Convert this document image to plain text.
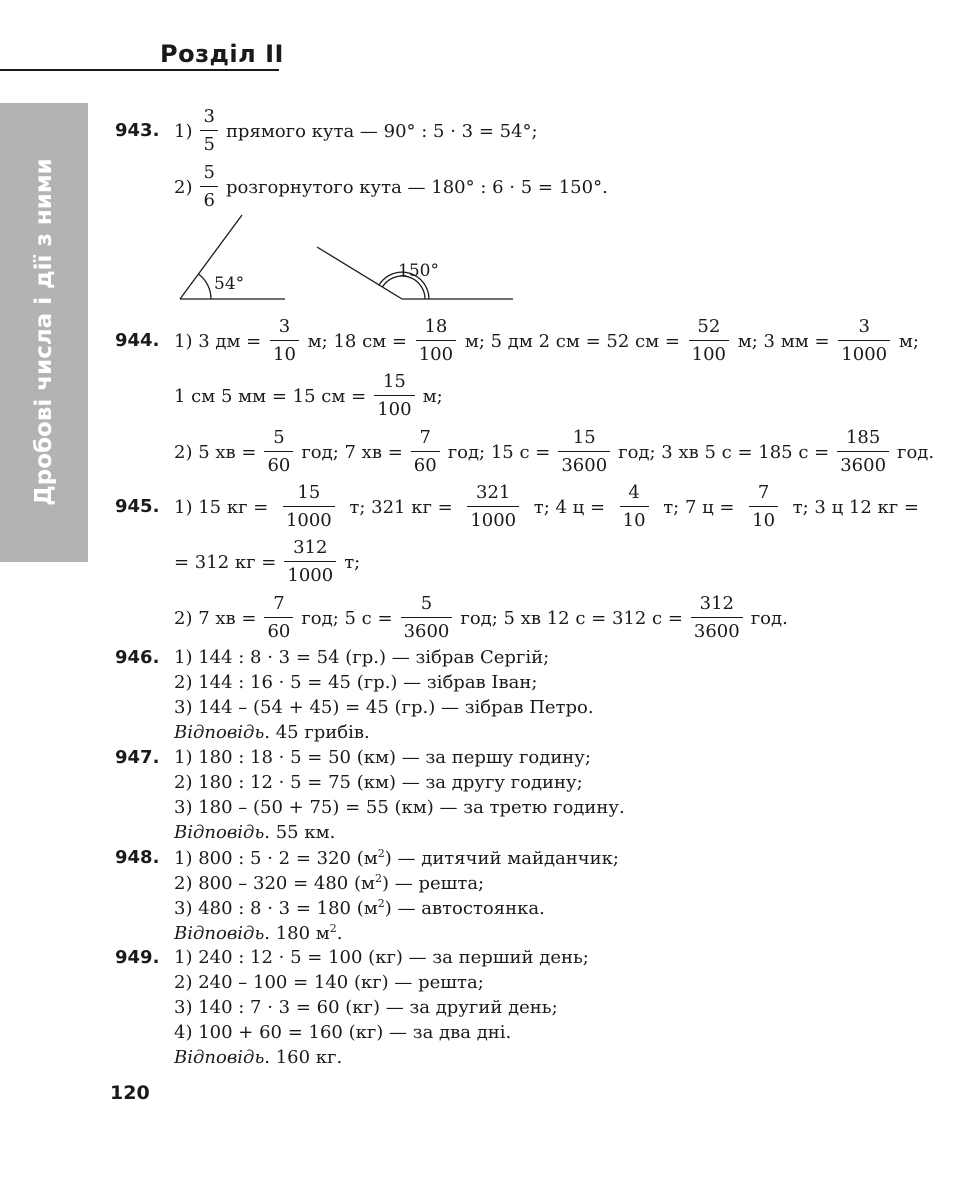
Розділ II
Дробові числа і дії з ними
943. $1) \frac{3}{5}$ прямого кута — 90° : 5 · 3 = 54°;
$2) \frac{5}{6}$ розгорнутого кута — 180° : 6 · 5 = 150°.
54°
150°
944. 1) 3 дм = $\frac{3}{10} м$; 18 см = $\frac{18}{100} м$; 5 дм 2 см = 52 см = $\frac{52}{100} м$; 3 мм = $\frac{3}{1000} м$;
1 см 5 мм = 15 см = $\frac{15}{100} м$;
2) 5 хв = $\frac{5}{60}$ год; 7 хв = $\frac{7}{60}$ год; 15 $с = \frac{15}{3600}$ год; 3 хв 5 с = 185 $с = \frac{185}{3600}$ год.
945. 1) 15 кг = $\frac{15}{1000} т$; 321 кг = $\frac{321}{1000} т$; 4 $ц = \frac{4}{10} т$; 7 $ц = \frac{7}{10} т$; 3 ц 12 кг =
= 312 кг = $\frac{312}{1000} т$;
2) 7 хв = $\frac{7}{60}$ год; 5 $с = \frac{5}{3600}$ год; 5 хв 12 с = 312 $с = \frac{312}{3600}$ год.
946. 1) 144 : 8 · 3 = 54 (гр.) — зібрав Сергій;
2) 144 : 16 · 5 = 45 (гр.) — зібрав Іван;
3) 144 – (54 + 45) = 45 (гр.) — зібрав Петро.
Відповідь. 45 грибів.
947. 1) 180 : 18 · 5 = 50 (км) — за першу годину;
2) 180 : 12 · 5 = 75 (км) — за другу годину;
3) 180 – (50 + 75) = 55 (км) — за третю годину.
Відповідь. 55 км.
948. 1) 800 : 5 · 2 = 320 $(м^2)$ — дитячий майданчик;
2) 800 – 320 = 480 $(м^2)$ — решта;
3) 480 : 8 · 3 = 180 $(м^2)$ — автостоянка.
Відповідь. 180 $м^2$.
949. 1) 240 : 12 · 5 = 100 (кг) — за перший день;
2) 240 – 100 = 140 (кг) — решта;
3) 140 : 7 · 3 = 60 (кг) — за другий день;
4) 100 + 60 = 160 (кг) — за два дні.
Відповідь. 160 кг.
120
